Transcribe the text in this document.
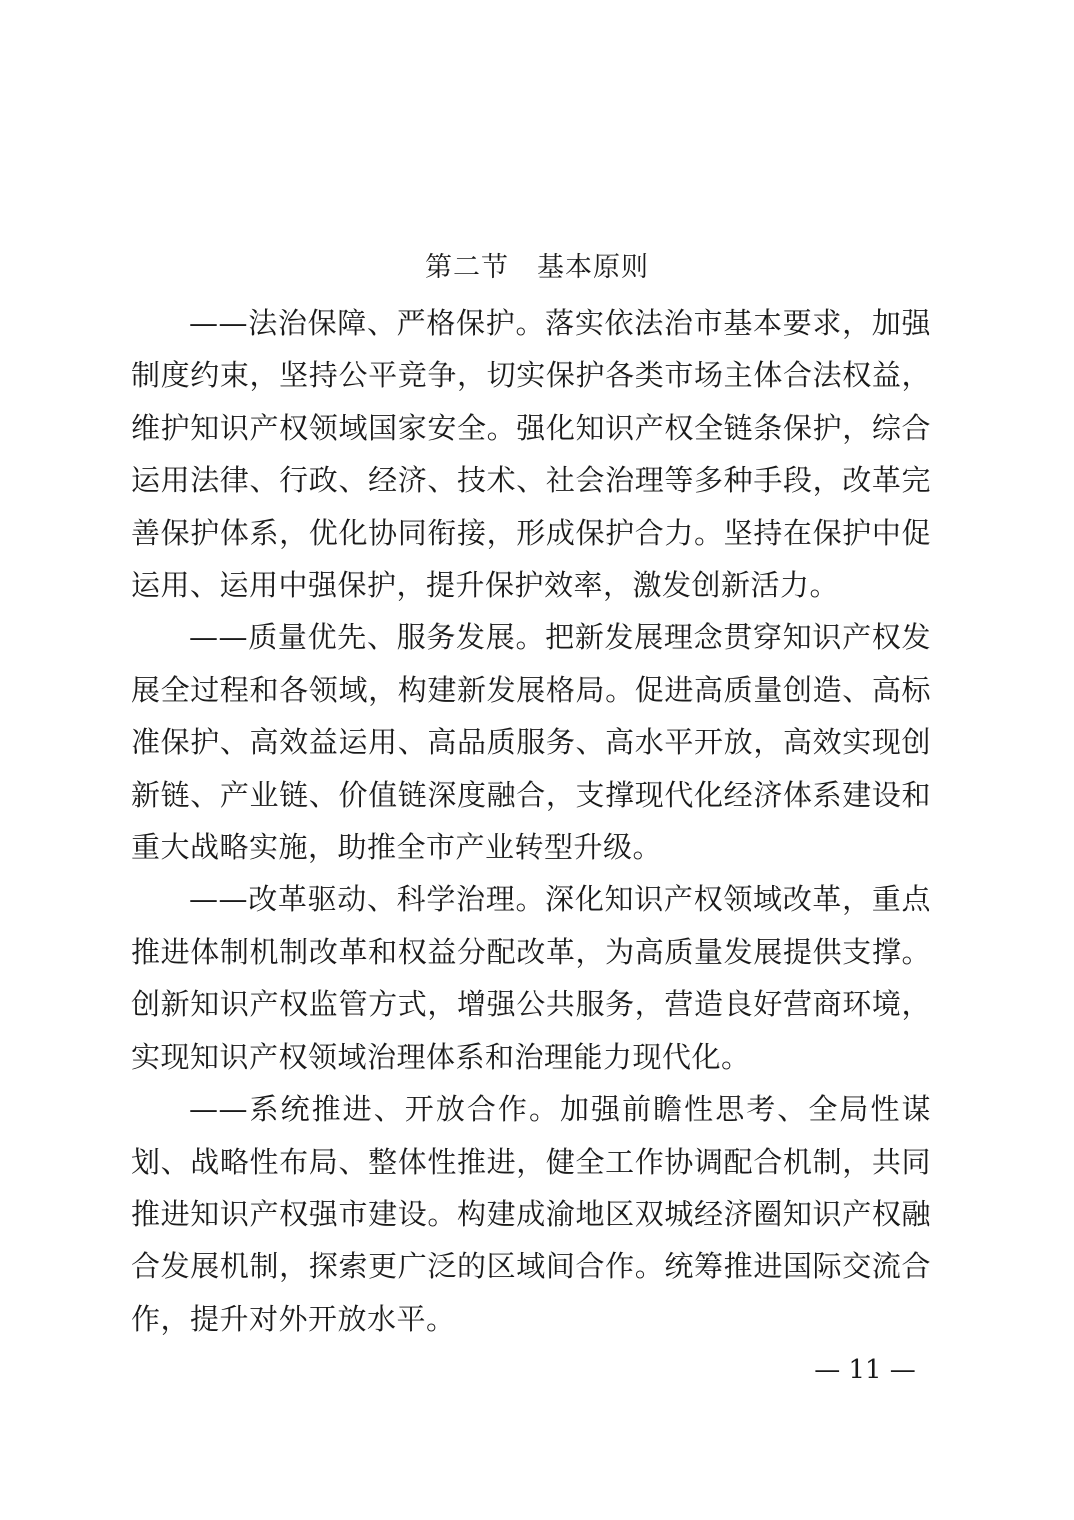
第二节　基本原则

——法治保障、严格保护。落实依法治市基本要求，加强制度约束，坚持公平竞争，切实保护各类市场主体合法权益，维护知识产权领域国家安全。强化知识产权全链条保护，综合运用法律、行政、经济、技术、社会治理等多种手段，改革完善保护体系，优化协同衔接，形成保护合力。坚持在保护中促运用、运用中强保护，提升保护效率，激发创新活力。

——质量优先、服务发展。把新发展理念贯穿知识产权发展全过程和各领域，构建新发展格局。促进高质量创造、高标准保护、高效益运用、高品质服务、高水平开放，高效实现创新链、产业链、价值链深度融合，支撑现代化经济体系建设和重大战略实施，助推全市产业转型升级。

——改革驱动、科学治理。深化知识产权领域改革，重点推进体制机制改革和权益分配改革，为高质量发展提供支撑。创新知识产权监管方式，增强公共服务，营造良好营商环境，实现知识产权领域治理体系和治理能力现代化。

——系统推进、开放合作。加强前瞻性思考、全局性谋划、战略性布局、整体性推进，健全工作协调配合机制，共同推进知识产权强市建设。构建成渝地区双城经济圈知识产权融合发展机制，探索更广泛的区域间合作。统筹推进国际交流合作，提升对外开放水平。

— 11 —
